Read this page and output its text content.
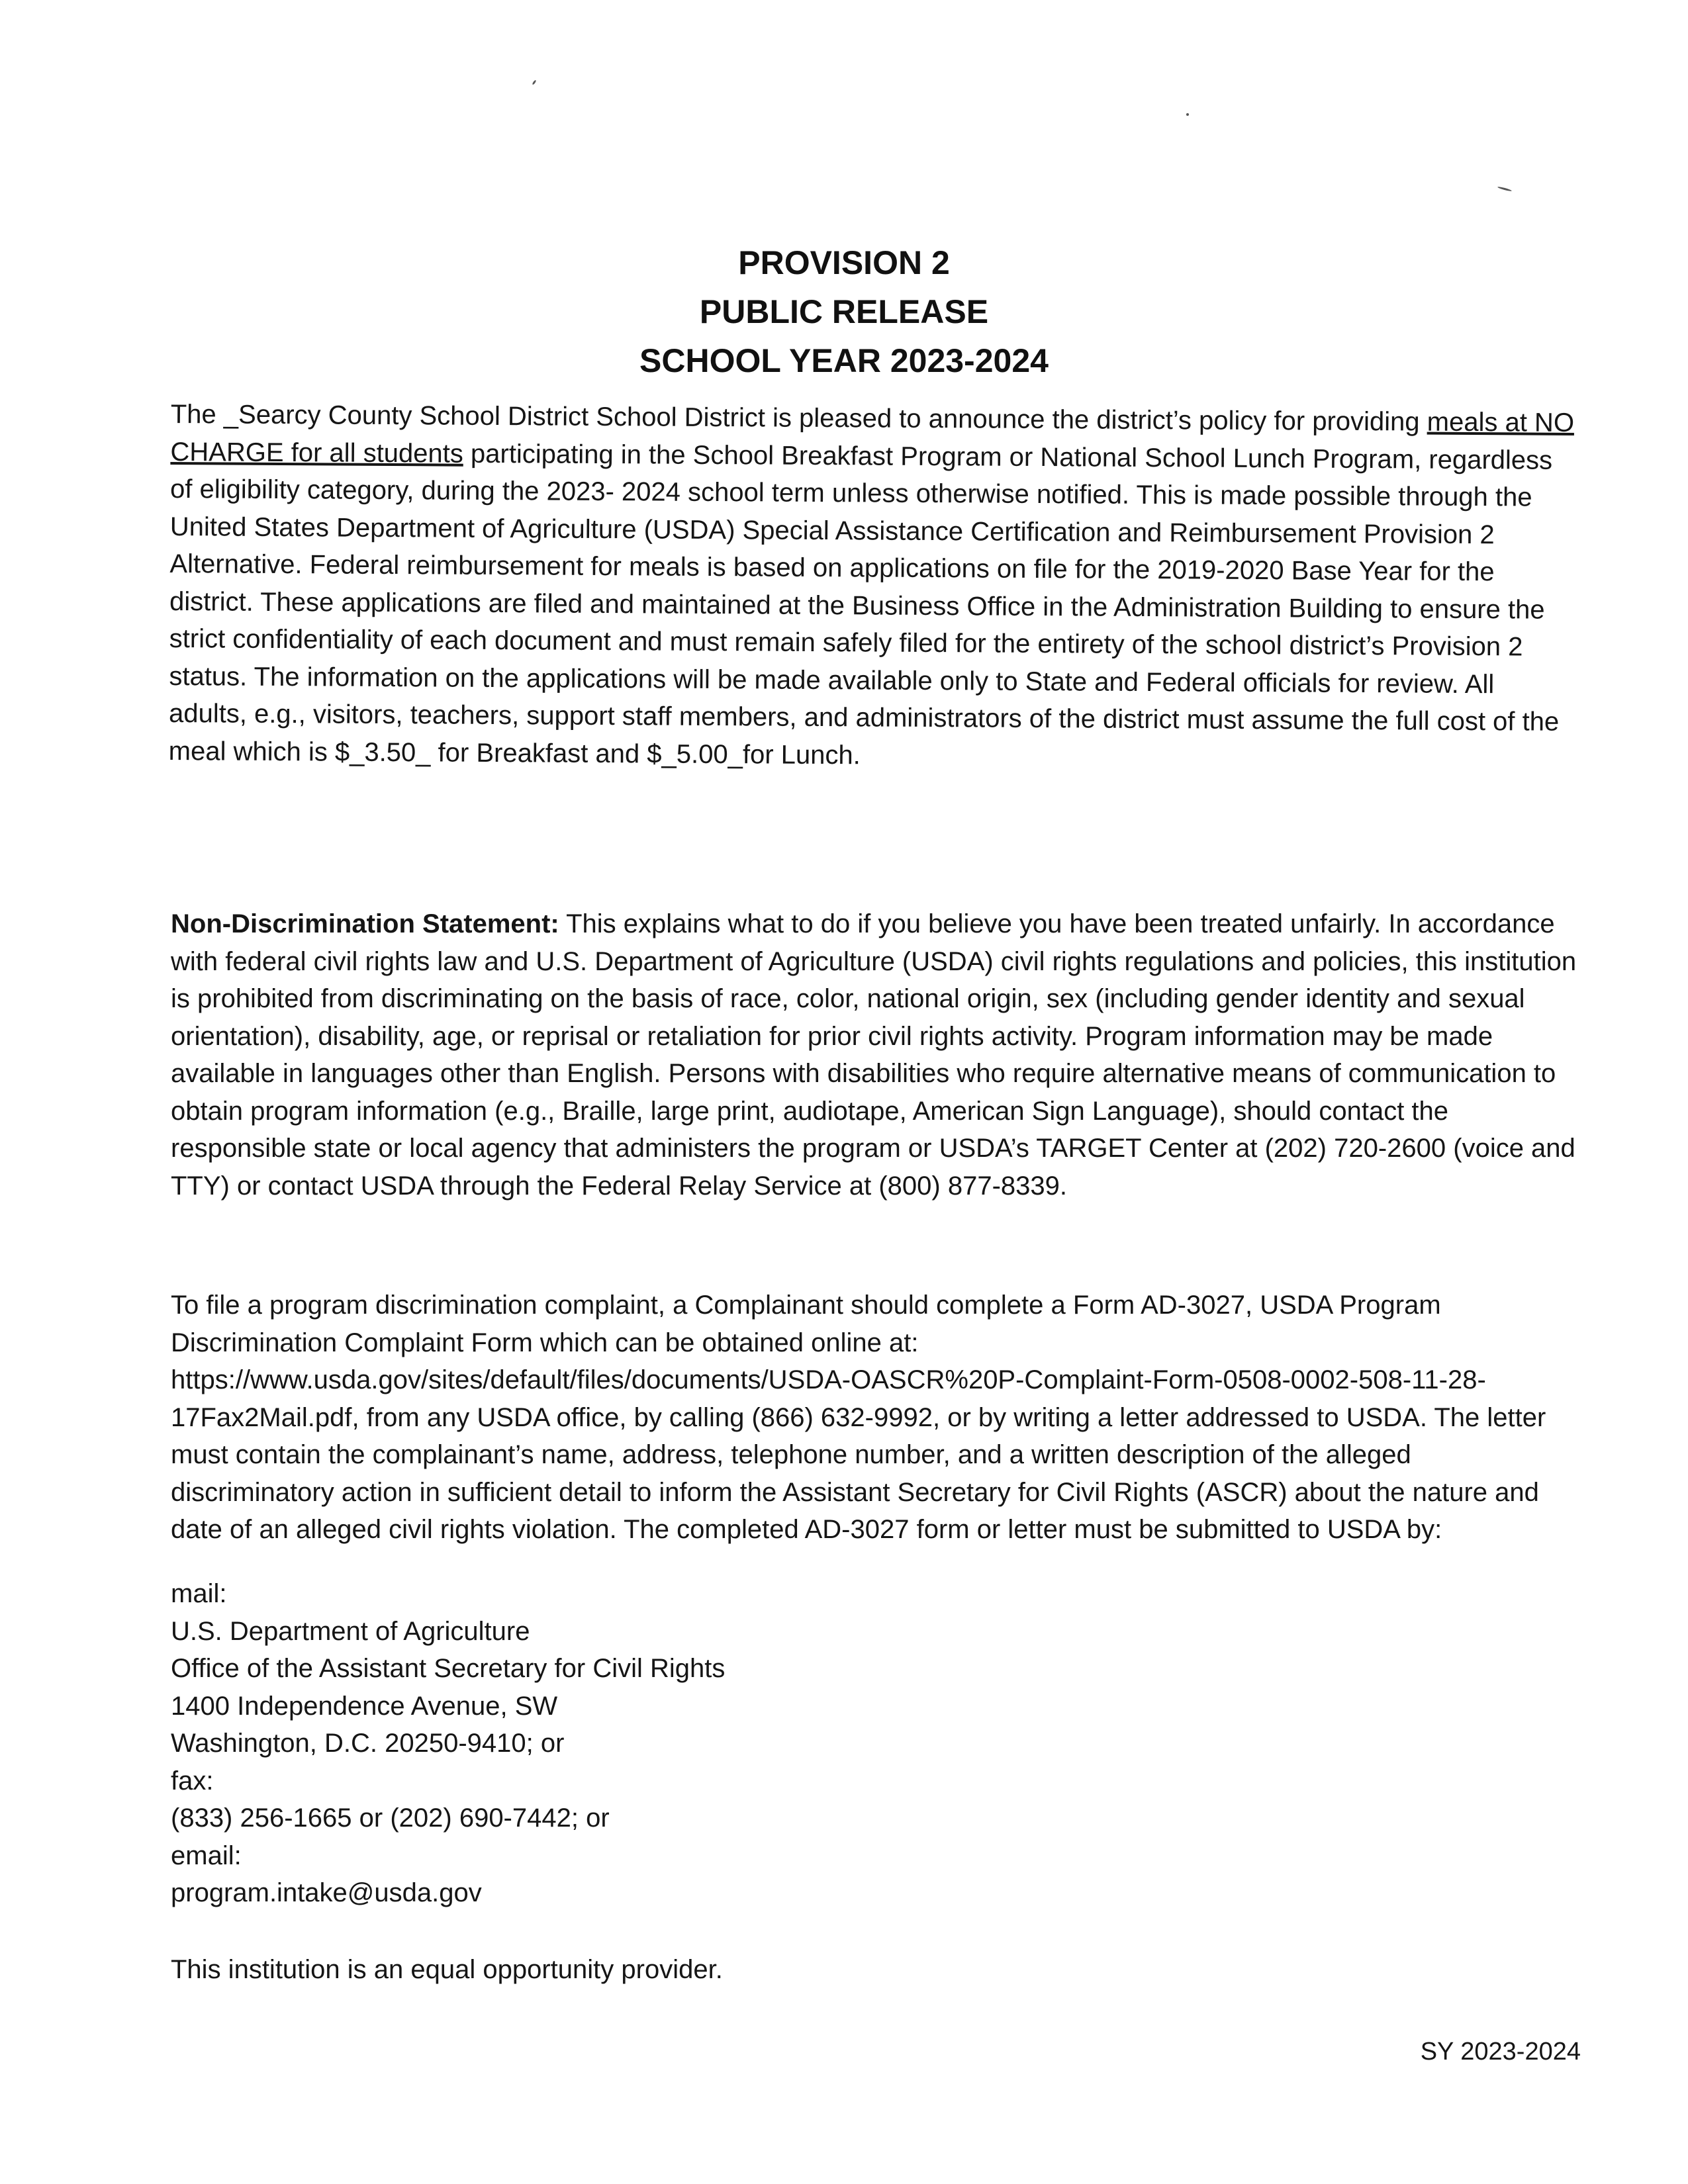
PROVISION 2
PUBLIC RELEASE
SCHOOL YEAR 2023-2024

The _Searcy County School District School District is pleased to announce the district’s policy for providing meals at NO CHARGE for all students participating in the School Breakfast Program or National School Lunch Program, regardless of eligibility category, during the 2023- 2024 school term unless otherwise notified. This is made possible through the United States Department of Agriculture (USDA) Special Assistance Certification and Reimbursement Provision 2 Alternative. Federal reimbursement for meals is based on applications on file for the 2019-2020 Base Year for the district. These applications are filed and maintained at the Business Office in the Administration Building to ensure the strict confidentiality of each document and must remain safely filed for the entirety of the school district’s Provision 2 status. The information on the applications will be made available only to State and Federal officials for review. All adults, e.g., visitors, teachers, support staff members, and administrators of the district must assume the full cost of the meal which is $_3.50_ for Breakfast and $_5.00_for Lunch.

Non-Discrimination Statement: This explains what to do if you believe you have been treated unfairly. In accordance with federal civil rights law and U.S. Department of Agriculture (USDA) civil rights regulations and policies, this institution is prohibited from discriminating on the basis of race, color, national origin, sex (including gender identity and sexual orientation), disability, age, or reprisal or retaliation for prior civil rights activity. Program information may be made available in languages other than English. Persons with disabilities who require alternative means of communication to obtain program information (e.g., Braille, large print, audiotape, American Sign Language), should contact the responsible state or local agency that administers the program or USDA’s TARGET Center at (202) 720-2600 (voice and TTY) or contact USDA through the Federal Relay Service at (800) 877-8339.

To file a program discrimination complaint, a Complainant should complete a Form AD-3027, USDA Program Discrimination Complaint Form which can be obtained online at: https://www.usda.gov/sites/default/files/documents/USDA-OASCR%20P-Complaint-Form-0508-0002-508-11-28-17Fax2Mail.pdf, from any USDA office, by calling (866) 632-9992, or by writing a letter addressed to USDA. The letter must contain the complainant’s name, address, telephone number, and a written description of the alleged discriminatory action in sufficient detail to inform the Assistant Secretary for Civil Rights (ASCR) about the nature and date of an alleged civil rights violation. The completed AD-3027 form or letter must be submitted to USDA by:

mail:
U.S. Department of Agriculture
Office of the Assistant Secretary for Civil Rights
1400 Independence Avenue, SW
Washington, D.C. 20250-9410; or
fax:
(833) 256-1665 or (202) 690-7442; or
email:
program.intake@usda.gov
This institution is an equal opportunity provider.
SY 2023-2024
